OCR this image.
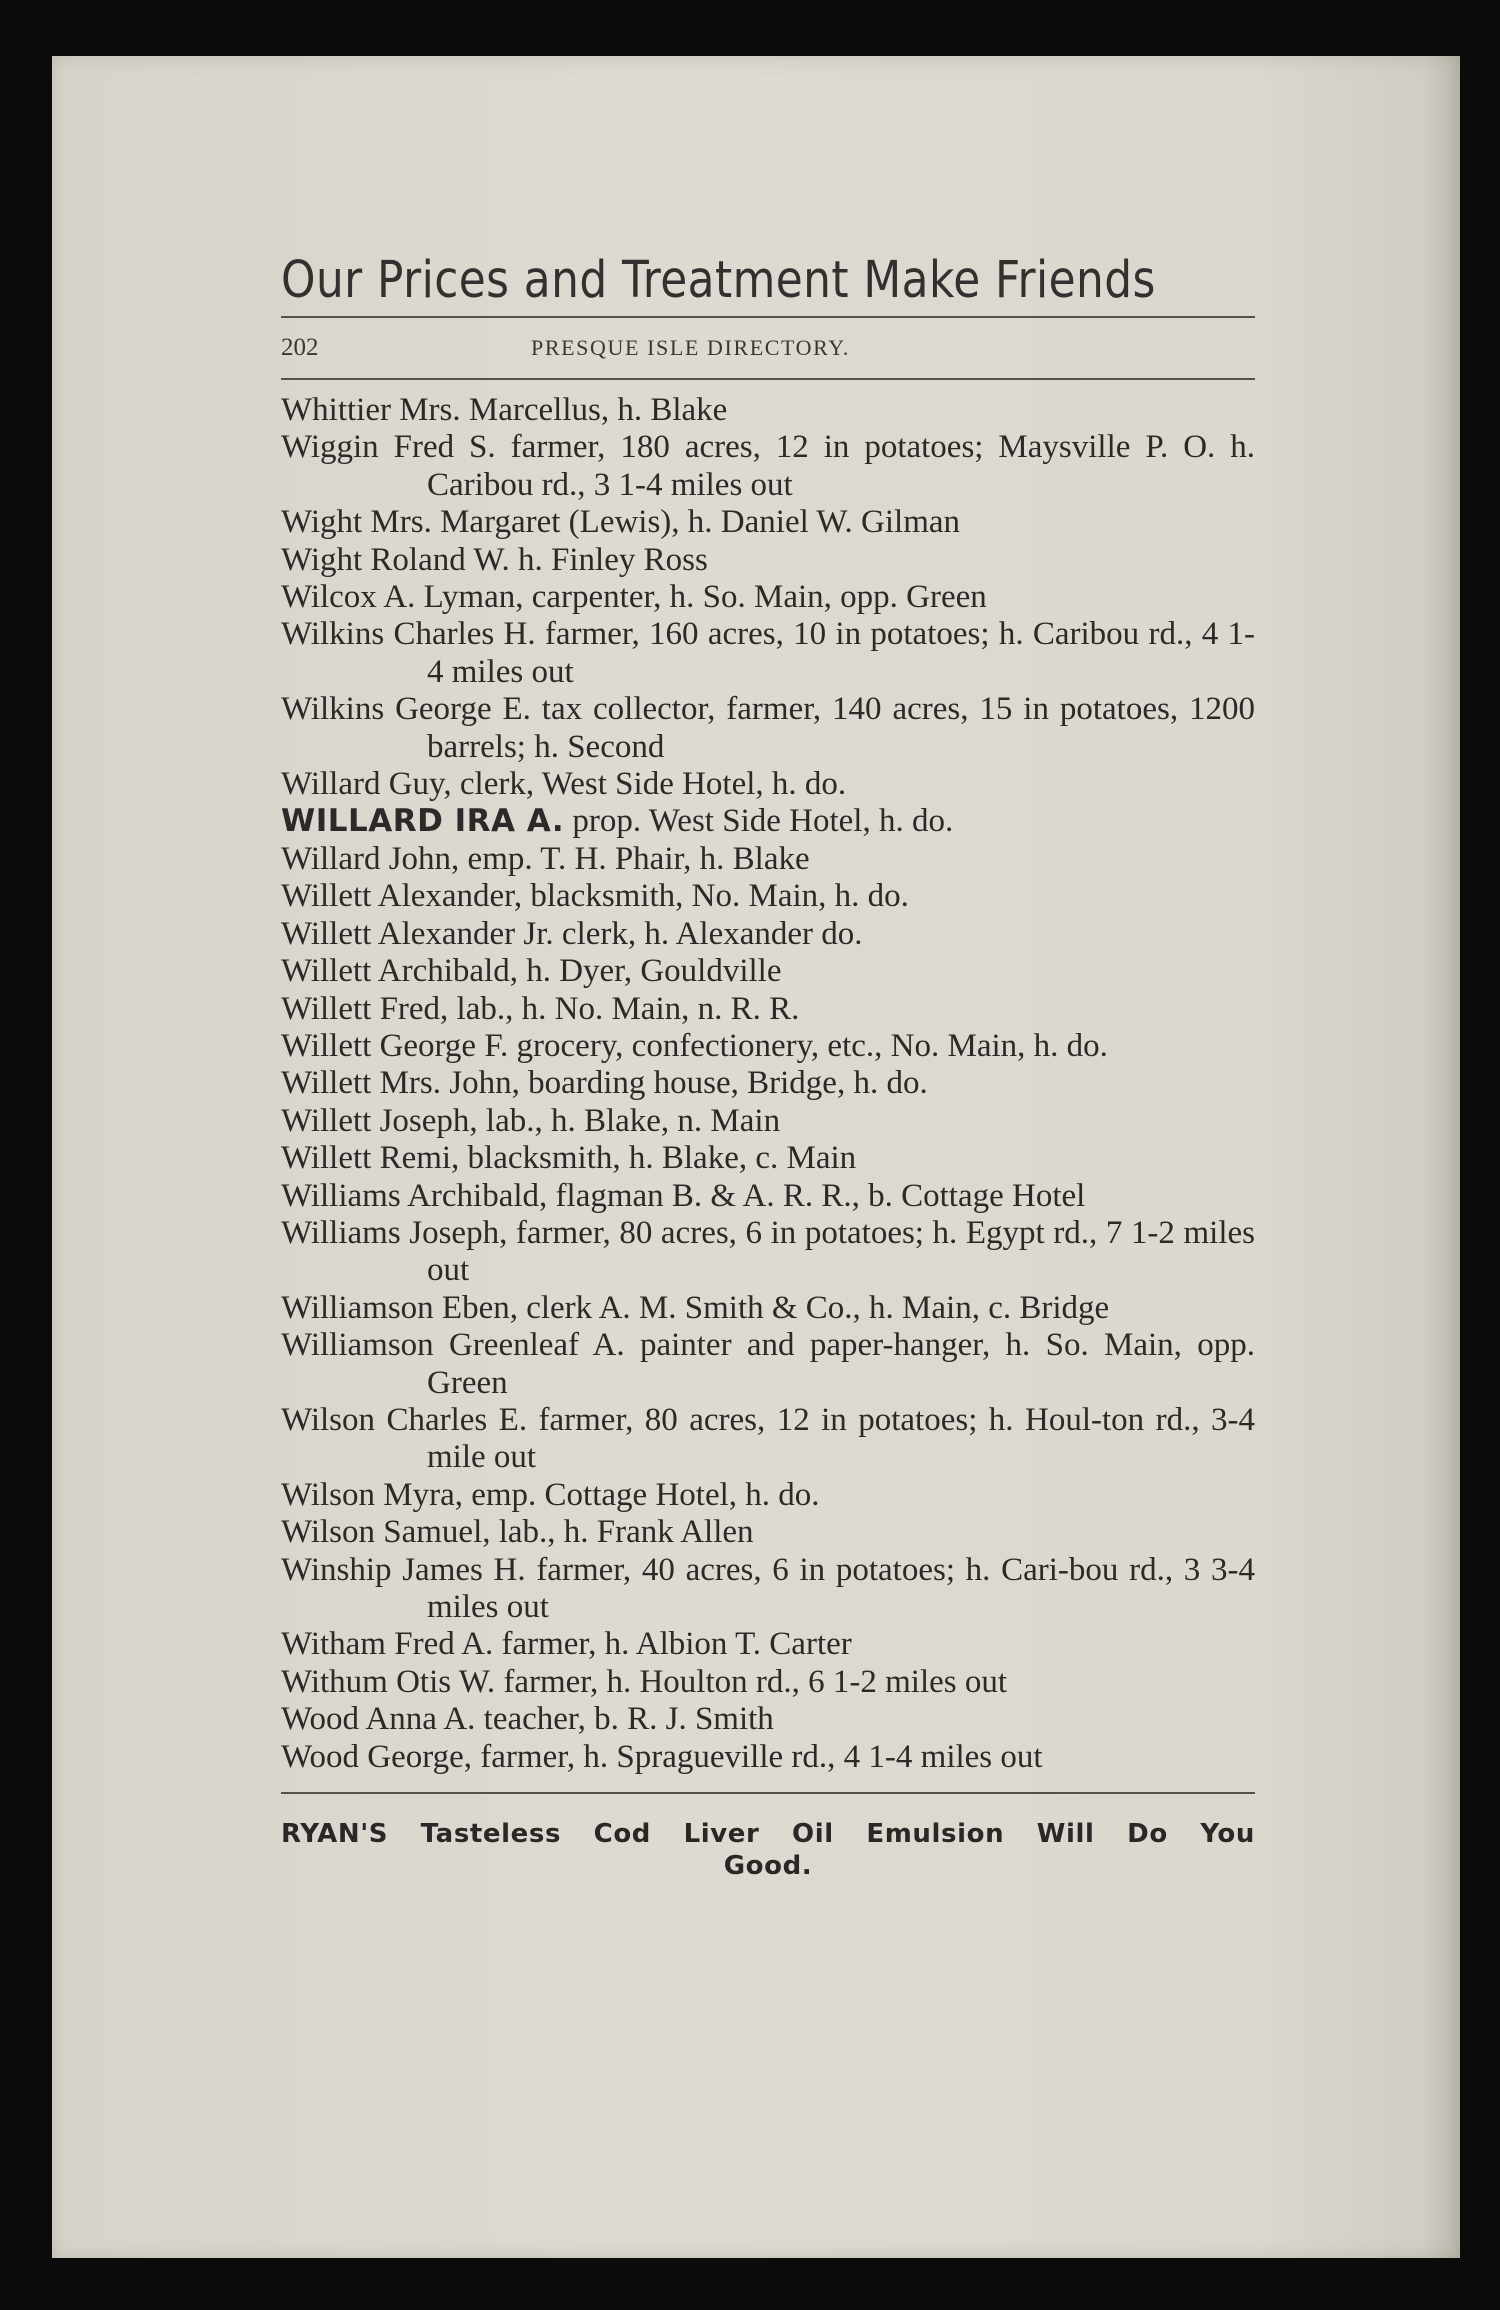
Our Prices and Treatment Make Friends
202	PRESQUE ISLE DIRECTORY.
Whittier Mrs. Marcellus, h. Blake
Wiggin Fred S. farmer, 180 acres, 12 in potatoes; Maysville P. O. h. Caribou rd., 3 1-4 miles out
Wight Mrs. Margaret (Lewis), h. Daniel W. Gilman
Wight Roland W. h. Finley Ross
Wilcox A. Lyman, carpenter, h. So. Main, opp. Green
Wilkins Charles H. farmer, 160 acres, 10 in potatoes; h. Caribou rd., 4 1-4 miles out
Wilkins George E. tax collector, farmer, 140 acres, 15 in potatoes, 1200 barrels; h. Second
Willard Guy, clerk, West Side Hotel, h. do.
WILLARD IRA A. prop. West Side Hotel, h. do.
Willard John, emp. T. H. Phair, h. Blake
Willett Alexander, blacksmith, No. Main, h. do.
Willett Alexander Jr. clerk, h. Alexander do.
Willett Archibald, h. Dyer, Gouldville
Willett Fred, lab., h. No. Main, n. R. R.
Willett George F. grocery, confectionery, etc., No. Main, h. do.
Willett Mrs. John, boarding house, Bridge, h. do.
Willett Joseph, lab., h. Blake, n. Main
Willett Remi, blacksmith, h. Blake, c. Main
Williams Archibald, flagman B. & A. R. R., b. Cottage Hotel
Williams Joseph, farmer, 80 acres, 6 in potatoes; h. Egypt rd., 7 1-2 miles out
Williamson Eben, clerk A. M. Smith & Co., h. Main, c. Bridge
Williamson Greenleaf A. painter and paper-hanger, h. So. Main, opp. Green
Wilson Charles E. farmer, 80 acres, 12 in potatoes; h. Houl-ton rd., 3-4 mile out
Wilson Myra, emp. Cottage Hotel, h. do.
Wilson Samuel, lab., h. Frank Allen
Winship James H. farmer, 40 acres, 6 in potatoes; h. Cari-bou rd., 3 3-4 miles out
Witham Fred A. farmer, h. Albion T. Carter
Withum Otis W. farmer, h. Houlton rd., 6 1-2 miles out
Wood Anna A. teacher, b. R. J. Smith
Wood George, farmer, h. Spragueville rd., 4 1-4 miles out
RYAN'S Tasteless Cod Liver Oil Emulsion Will Do You
Good.
